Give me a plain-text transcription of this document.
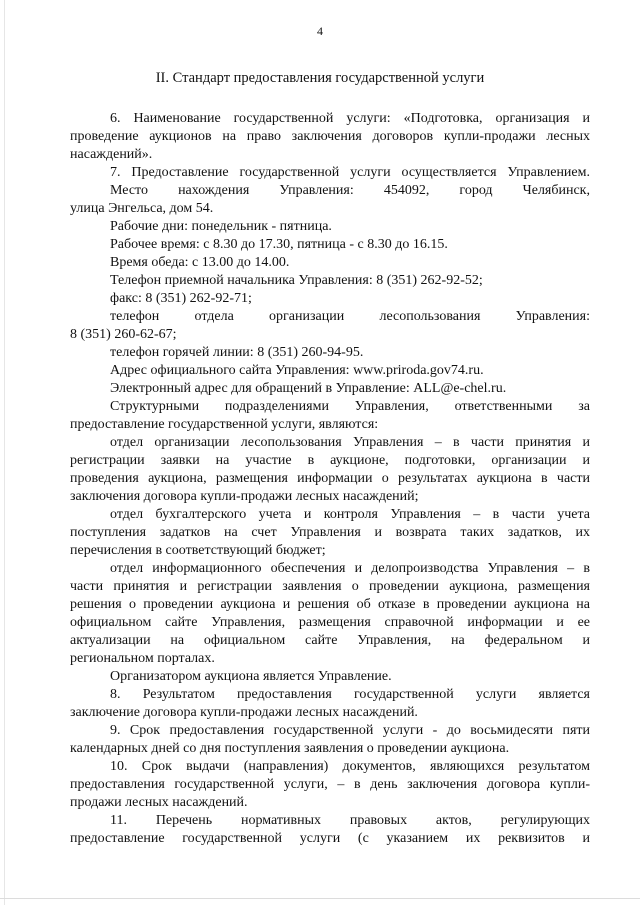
4
II. Стандарт предоставления государственной услуги

6. Наименование государственной услуги: «Подготовка, организация и

проведение аукционов на право заключения договоров купли-продажи лесных

насаждений».

7. Предоставление государственной услуги осуществляется Управлением.

Место нахождения Управления: 454092, город Челябинск,

улица Энгельса, дом 54.

Рабочие дни: понедельник - пятница.

Рабочее время: с 8.30 до 17.30, пятница - с 8.30 до 16.15.

Время обеда: с 13.00 до 14.00.

Телефон приемной начальника Управления: 8 (351) 262-92-52;

факс: 8 (351) 262-92-71;

телефон отдела организации лесопользования Управления:

8 (351) 260-62-67;

телефон горячей линии: 8 (351) 260-94-95.

Адрес официального сайта Управления: www.priroda.gov74.ru.

Электронный адрес для обращений в Управление: ALL@e-chel.ru.

Структурными подразделениями Управления, ответственными за

предоставление государственной услуги, являются:

отдел организации лесопользования Управления – в части принятия и

регистрации заявки на участие в аукционе, подготовки, организации и

проведения аукциона, размещения информации о результатах аукциона в части

заключения договора купли-продажи лесных насаждений;

отдел бухгалтерского учета и контроля Управления – в части учета

поступления задатков на счет Управления и возврата таких задатков, их

перечисления в соответствующий бюджет;

отдел информационного обеспечения и делопроизводства Управления – в

части принятия и регистрации заявления о проведении аукциона, размещения

решения о проведении аукциона и решения об отказе в проведении аукциона на

официальном сайте Управления, размещения справочной информации и ее

актуализации на официальном сайте Управления, на федеральном и

региональном порталах.

Организатором аукциона является Управление.

8. Результатом предоставления государственной услуги является

заключение договора купли-продажи лесных насаждений.

9. Срок предоставления государственной услуги - до восьмидесяти пяти

календарных дней со дня поступления заявления о проведении аукциона.

10. Срок выдачи (направления) документов, являющихся результатом

предоставления государственной услуги, – в день заключения договора купли-

продажи лесных насаждений.

11. Перечень нормативных правовых актов, регулирующих

предоставление государственной услуги (с указанием их реквизитов и
